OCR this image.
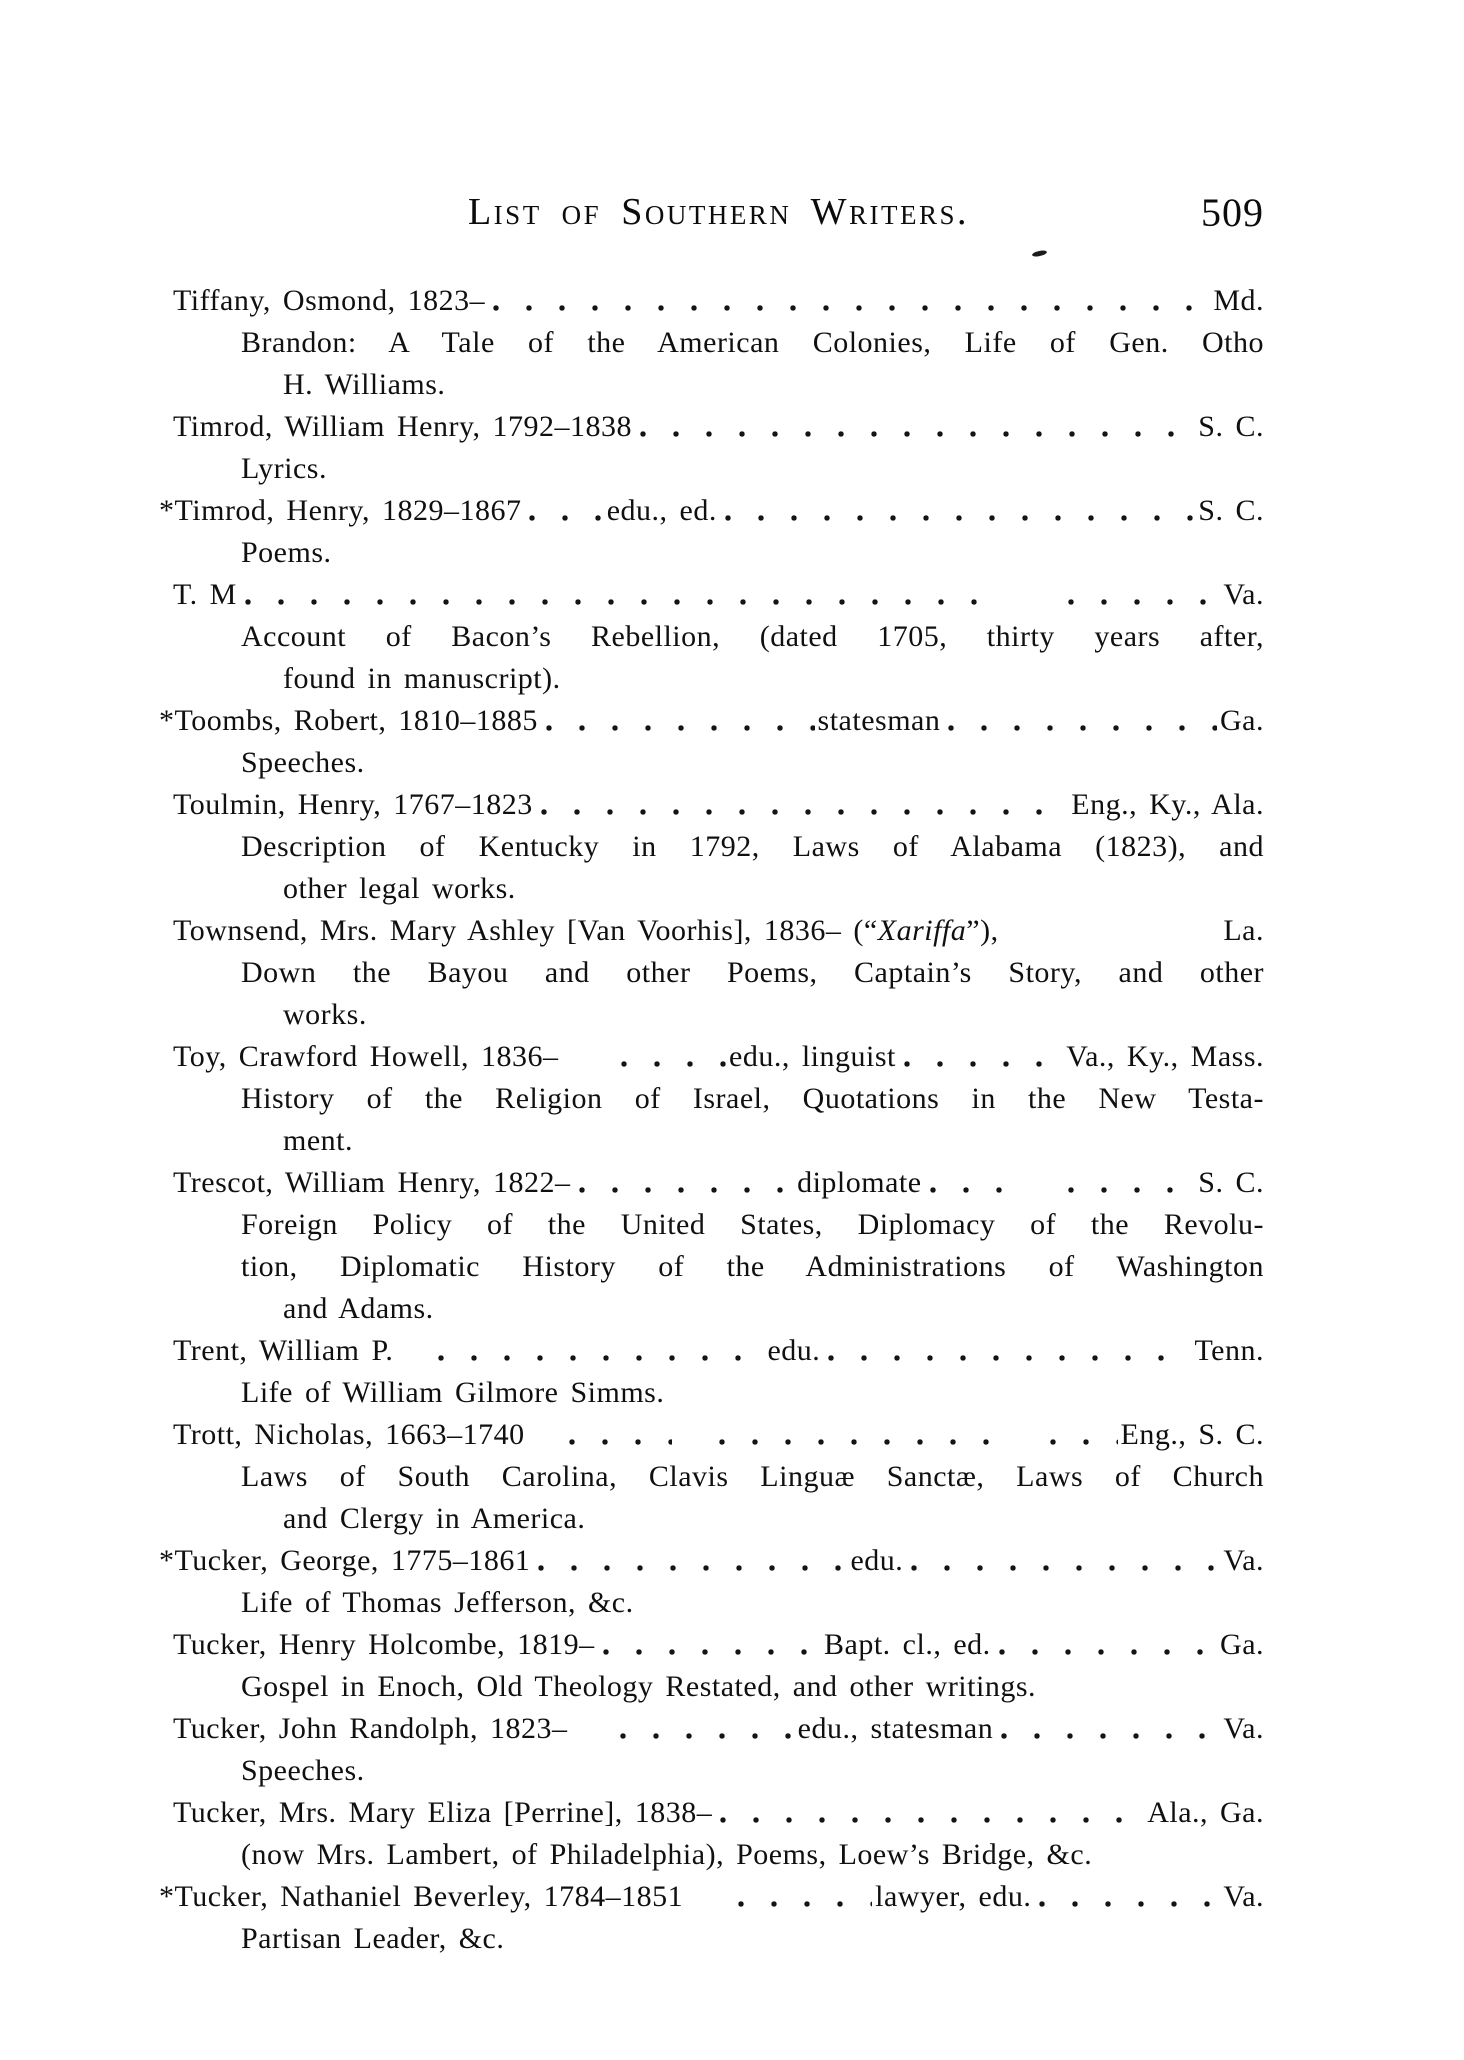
List of Southern Writers.	509
Tiffany, Osmond, 1823–	Md.
Brandon: A Tale of the American Colonies, Life of Gen. Otho
H. Williams.
Timrod, William Henry, 1792–1838	S. C.
Lyrics.
*Timrod, Henry, 1829–1867	edu., ed.	S. C.
Poems.
T. M	Va.
Account of Bacon’s Rebellion, (dated 1705, thirty years after,
found in manuscript).
*Toombs, Robert, 1810–1885	statesman	Ga.
Speeches.
Toulmin, Henry, 1767–1823	Eng., Ky., Ala.
Description of Kentucky in 1792, Laws of Alabama (1823), and
other legal works.
Townsend, Mrs. Mary Ashley [Van Voorhis], 1836– (“ Xariffa ”),	La.
Down the Bayou and other Poems, Captain’s Story, and other
works.
Toy, Crawford Howell, 1836–	edu., linguist	Va., Ky., Mass.
History of the Religion of Israel, Quotations in the New Testa-
ment.
Trescot, William Henry, 1822–	diplomate	S. C.
Foreign Policy of the United States, Diplomacy of the Revolu-
tion, Diplomatic History of the Administrations of Washington
and Adams.
Trent, William P.	edu.	Tenn.
Life of William Gilmore Simms.
Trott, Nicholas, 1663–1740	Eng., S. C.
Laws of South Carolina, Clavis Linguæ Sanctæ, Laws of Church
and Clergy in America.
*Tucker, George, 1775–1861	edu.	Va.
Life of Thomas Jefferson, &c.
Tucker, Henry Holcombe, 1819–	Bapt. cl., ed.	Ga.
Gospel in Enoch, Old Theology Restated, and other writings.
Tucker, John Randolph, 1823–	edu., statesman	Va.
Speeches.
Tucker, Mrs. Mary Eliza [Perrine], 1838–	Ala., Ga.
(now Mrs. Lambert, of Philadelphia), Poems, Loew’s Bridge, &c.
*Tucker, Nathaniel Beverley, 1784–1851	lawyer, edu.	Va.
Partisan Leader, &c.
